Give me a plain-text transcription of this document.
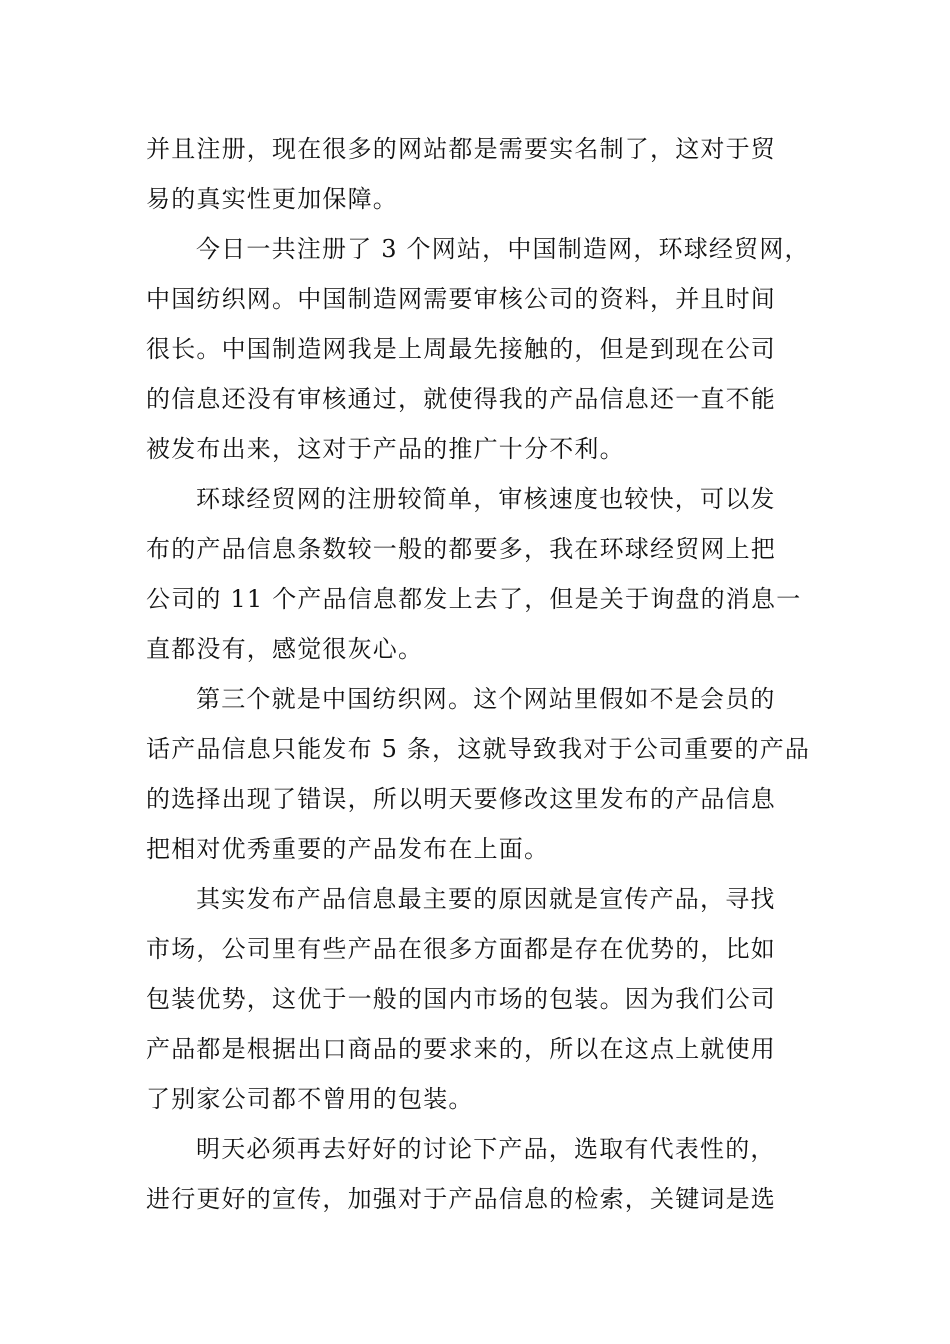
并且注册，现在很多的网站都是需要实名制了，这对于贸
易的真实性更加保障。
今日一共注册了 3 个网站，中国制造网，环球经贸网，
中国纺织网。中国制造网需要审核公司的资料，并且时间
很长。中国制造网我是上周最先接触的，但是到现在公司
的信息还没有审核通过，就使得我的产品信息还一直不能
被发布出来，这对于产品的推广十分不利。
环球经贸网的注册较简单，审核速度也较快，可以发
布的产品信息条数较一般的都要多，我在环球经贸网上把
公司的 11 个产品信息都发上去了，但是关于询盘的消息一
直都没有，感觉很灰心。
第三个就是中国纺织网。这个网站里假如不是会员的
话产品信息只能发布 5 条，这就导致我对于公司重要的产品
的选择出现了错误，所以明天要修改这里发布的产品信息
把相对优秀重要的产品发布在上面。
其实发布产品信息最主要的原因就是宣传产品，寻找
市场，公司里有些产品在很多方面都是存在优势的，比如
包装优势，这优于一般的国内市场的包装。因为我们公司
产品都是根据出口商品的要求来的，所以在这点上就使用
了别家公司都不曾用的包装。
明天必须再去好好的讨论下产品，选取有代表性的，
进行更好的宣传，加强对于产品信息的检索，关键词是选
